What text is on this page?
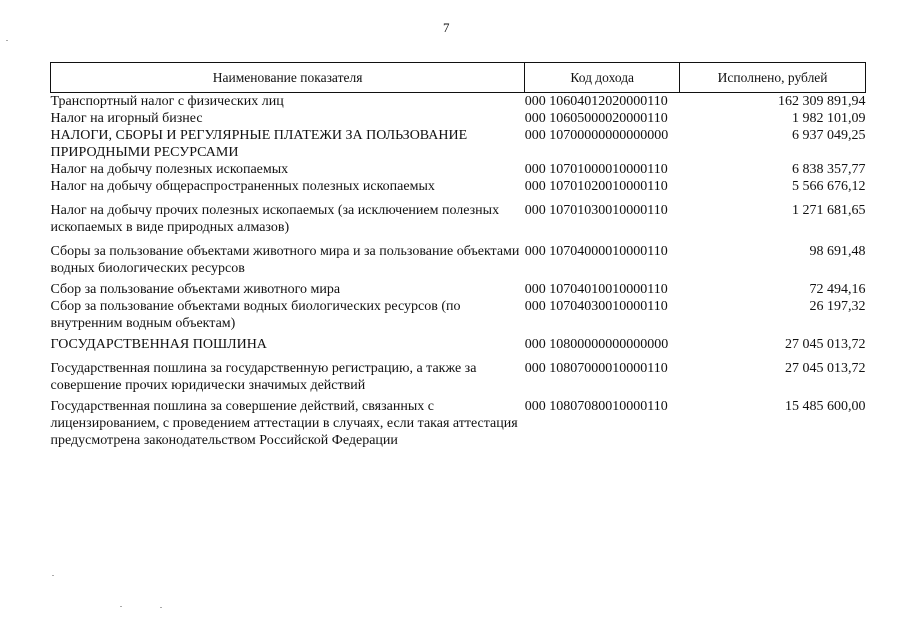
7
Наименование показателя	Код дохода	Исполнено, рублей
Транспортный налог с физических лиц	000 10604012020000110	162 309 891,94
Налог на игорный бизнес	000 10605000020000110	1 982 101,09
НАЛОГИ, СБОРЫ И РЕГУЛЯРНЫЕ ПЛАТЕЖИ ЗА ПОЛЬЗОВАНИЕ ПРИРОДНЫМИ РЕСУРСАМИ	000 10700000000000000	6 937 049,25
Налог на добычу полезных ископаемых	000 10701000010000110	6 838 357,77
Налог на добычу общераспространенных полезных ископаемых	000 10701020010000110	5 566 676,12
Налог на добычу прочих полезных ископаемых (за исключением полезных ископаемых в виде природных алмазов)	000 10701030010000110	1 271 681,65
Сборы за пользование объектами животного мира и за пользование объектами водных биологических ресурсов	000 10704000010000110	98 691,48
Сбор за пользование объектами животного мира	000 10704010010000110	72 494,16
Сбор за пользование объектами водных биологических ресурсов (по внутренним водным объектам)	000 10704030010000110	26 197,32
ГОСУДАРСТВЕННАЯ ПОШЛИНА	000 10800000000000000	27 045 013,72
Государственная пошлина за государственную регистрацию, а также за совершение прочих юридически значимых действий	000 10807000010000110	27 045 013,72
Государственная пошлина за совершение действий, связанных с лицензированием, с проведением аттестации в случаях, если такая аттестация предусмотрена законодательством Российской Федерации	000 10807080010000110	15 485 600,00
